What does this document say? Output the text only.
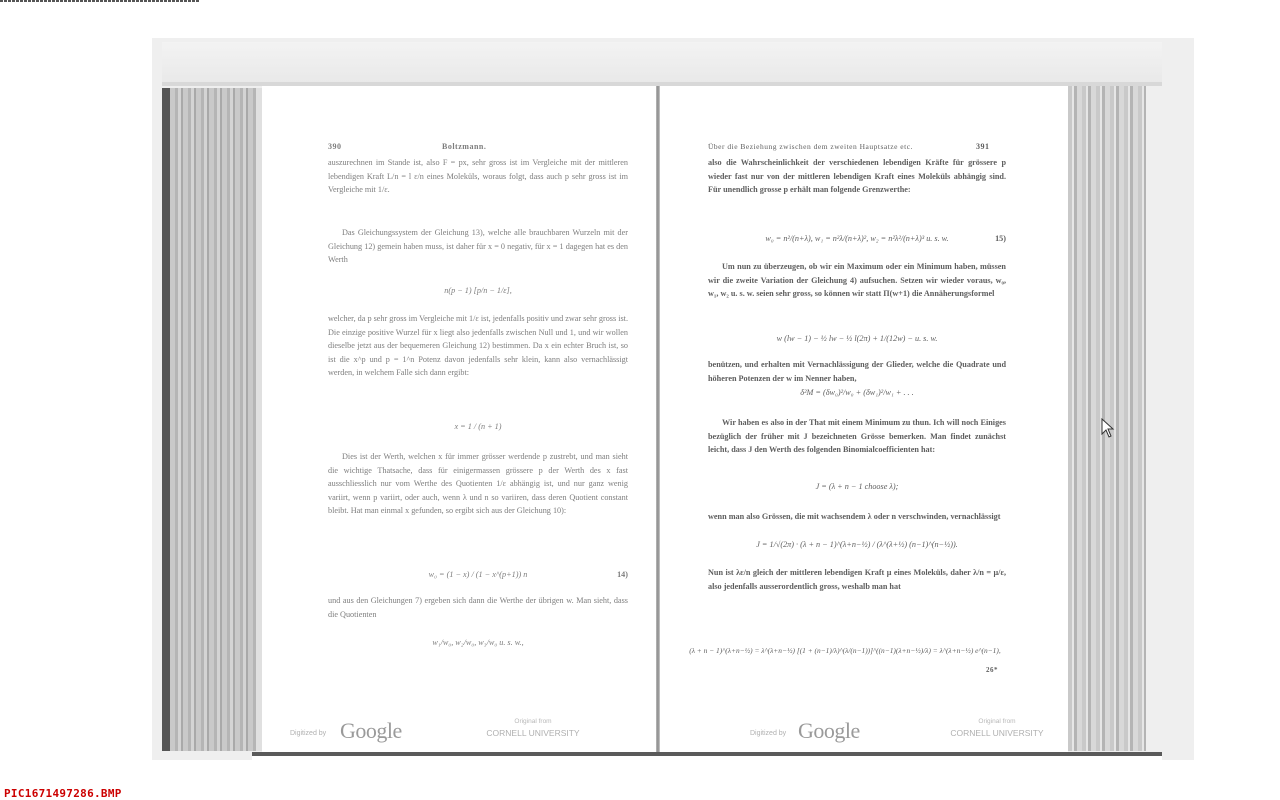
390	Boltzmann.
auszurechnen im Stande ist, also F = px, sehr gross ist im Vergleiche mit der mittleren lebendigen Kraft L/n = l ε/n eines Moleküls, woraus folgt, dass auch p sehr gross ist im Vergleiche mit 1/ε.
Das Gleichungssystem der Gleichung 13), welche alle brauchbaren Wurzeln mit der Gleichung 12) gemein haben muss, ist daher für x = 0 negativ, für x = 1 dagegen hat es den Werth
n(p − 1) [p/n − 1/ε],
welcher, da p sehr gross im Vergleiche mit 1/ε ist, jedenfalls positiv und zwar sehr gross ist. Die einzige positive Wurzel für x liegt also jedenfalls zwischen Null und 1, und wir wollen dieselbe jetzt aus der bequemeren Gleichung 12) bestimmen. Da x ein echter Bruch ist, so ist die x^p und p = 1^n Potenz davon jedenfalls sehr klein, kann also vernachlässigt werden, in welchem Falle sich dann ergibt:
x = 1 / (n + 1)
Dies ist der Werth, welchen x für immer grösser werdende p zustrebt, und man sieht die wichtige Thatsache, dass für einigermassen grössere p der Werth des x fast ausschliesslich nur vom Werthe des Quotienten 1/ε abhängig ist, und nur ganz wenig variirt, wenn p variirt, oder auch, wenn λ und n so variiren, dass deren Quotient constant bleibt. Hat man einmal x gefunden, so ergibt sich aus der Gleichung 10):
w₀ = (1 − x) / (1 − x^(p+1)) n	14)
und aus den Gleichungen 7) ergeben sich dann die Werthe der übrigen w. Man sieht, dass die Quotienten
w₁/w₀, w₂/w₀, w₃/w₀ u. s. w.,
Digitized by Google	Original from
CORNELL UNIVERSITY
Über die Beziehung zwischen dem zweiten Hauptsatze etc.	391
also die Wahrscheinlichkeit der verschiedenen lebendigen Kräfte für grössere p wieder fast nur von der mittleren lebendigen Kraft eines Moleküls abhängig sind. Für unendlich grosse p erhält man folgende Grenzwerthe:
w₀ = n²/(n+λ), w₁ = n²λ/(n+λ)², w₂ = n²λ²/(n+λ)³ u. s. w.	15)
Um nun zu überzeugen, ob wir ein Maximum oder ein Minimum haben, müssen wir die zweite Variation der Gleichung 4) aufsuchen. Setzen wir wieder voraus, w₀, w₁, w₂ u. s. w. seien sehr gross, so können wir statt Π(w+1) die Annäherungsformel
w (lw − 1) − ½ lw − ½ l(2π) + 1/(12w) − u. s. w.
benützen, und erhalten mit Vernachlässigung der Glieder, welche die Quadrate und höheren Potenzen der w im Nenner haben,
δ²M = (δw₀)²/w₀ + (δw₁)²/w₁ + . . .
Wir haben es also in der That mit einem Minimum zu thun. Ich will noch Einiges bezüglich der früher mit J bezeichneten Grösse bemerken. Man findet zunächst leicht, dass J den Werth des folgenden Binomialcoefficienten hat:
J = (λ + n − 1 choose λ);
wenn man also Grössen, die mit wachsendem λ oder n verschwinden, vernachlässigt
J = 1/√(2π) · (λ + n − 1)^(λ+n−½) / (λ^(λ+½) (n−1)^(n−½)).
Nun ist λε/n gleich der mittleren lebendigen Kraft μ eines Moleküls, daher λ/n = μ/ε, also jedenfalls ausserordentlich gross, weshalb man hat
(λ + n − 1)^(λ+n−½) = λ^(λ+n−½) [(1 + (n−1)/λ)^(λ/(n−1))]^((n−1)(λ+n−½)/λ) = λ^(λ+n−½) e^(n−1),
26*
Digitized by Google	Original from
CORNELL UNIVERSITY
PIC1671497286.BMP
